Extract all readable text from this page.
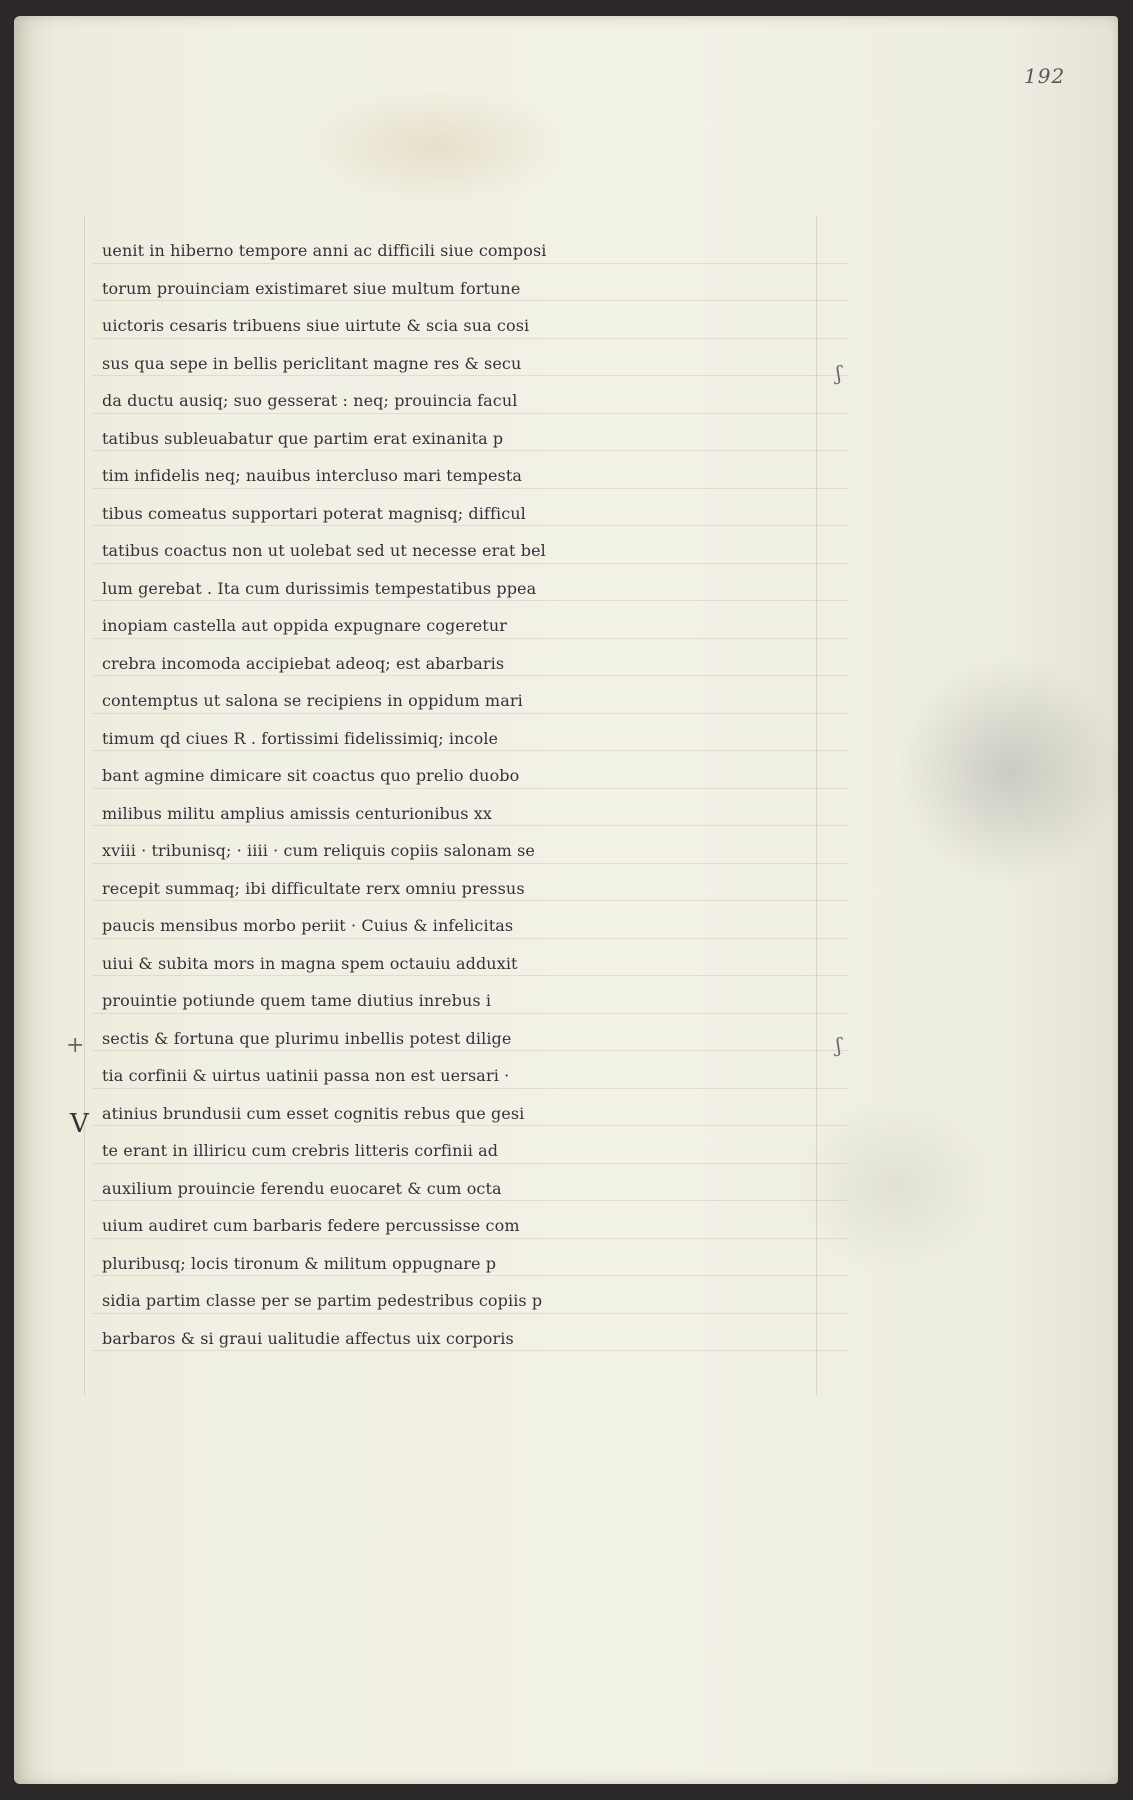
192
+
V
ʃ
ʃ
uenit in hiberno tempore anni ac difficili siue composi
torum prouinciam existimaret siue multum fortune
uictoris cesaris tribuens siue uirtute & scia sua cosi
sus qua sepe in bellis periclitant magne res & secu
da ductu ausiq; suo gesserat : neq; prouincia facul
tatibus subleuabatur que partim erat exinanita p
tim infidelis neq; nauibus intercluso mari tempesta
tibus comeatus supportari poterat magnisq; difficul
tatibus coactus non ut uolebat sed ut necesse erat bel
lum gerebat . Ita cum durissimis tempestatibus ppea
inopiam castella aut oppida expugnare cogeretur
crebra incomoda accipiebat adeoq; est abarbaris
contemptus ut salona se recipiens in oppidum mari
timum qd ciues R . fortissimi fidelissimiq; incole
bant agmine dimicare sit coactus quo prelio duobo
milibus militu amplius amissis centurionibus xx
xviii · tribunisq; · iiii · cum reliquis copiis salonam se
recepit summaq; ibi difficultate rerx omniu pressus
paucis mensibus morbo periit · Cuius & infelicitas
uiui & subita mors in magna spem octauiu adduxit
prouintie potiunde quem tame diutius inrebus i
sectis & fortuna que plurimu inbellis potest dilige
tia corfinii & uirtus uatinii passa non est uersari ·
atinius brundusii cum esset cognitis rebus que gesi
te erant in illiricu cum crebris litteris corfinii ad
auxilium prouincie ferendu euocaret & cum octa
uium audiret cum barbaris federe percussisse com
pluribusq; locis tironum & militum oppugnare p
sidia partim classe per se partim pedestribus copiis p
barbaros & si graui ualitudie affectus uix corporis
